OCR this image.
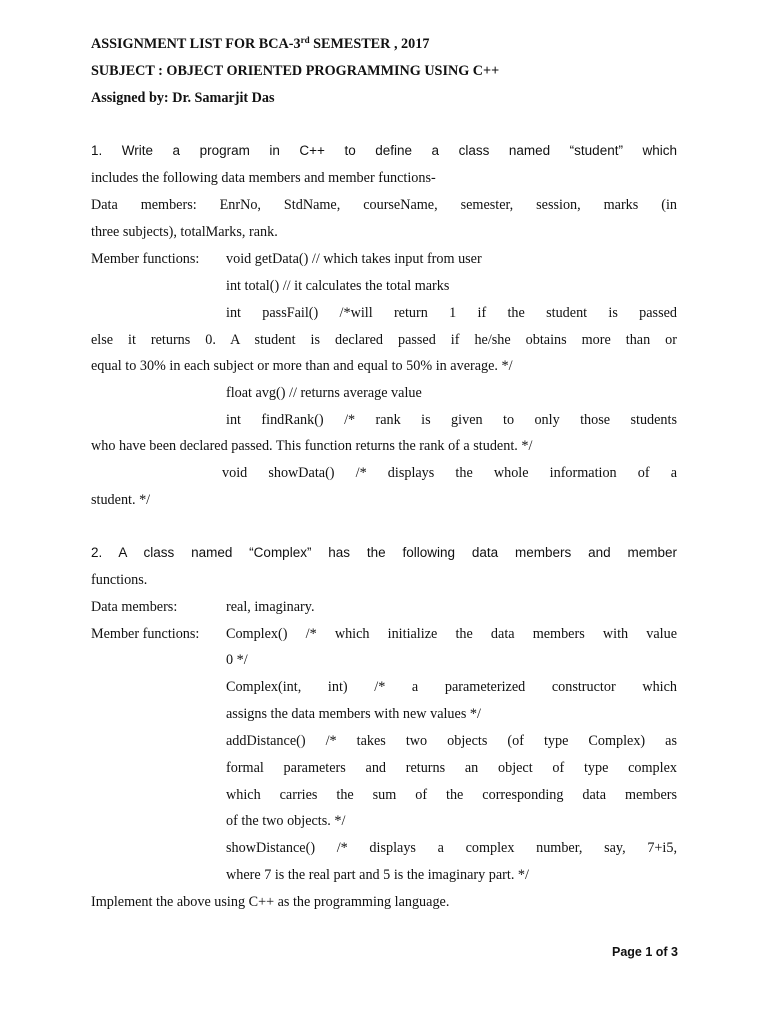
ASSIGNMENT LIST FOR BCA-3rd SEMESTER , 2017
SUBJECT : OBJECT ORIENTED PROGRAMMING USING C++
Assigned by: Dr. Samarjit Das
1. Write a program in C++ to define a class named “student” which
includes the following data members and member functions-
Data members: EnrNo, StdName, courseName, semester, session, marks (in
three subjects), totalMarks, rank.
Member functions: void getData() // which takes input from user
int total() // it calculates the total marks
int passFail() /*will return 1 if the student is passed
else it returns 0. A student is declared passed if he/she obtains more than or
equal to 30% in each subject or more than and equal to 50% in average. */
float avg() // returns average value
int findRank() /* rank is given to only those students
who have been declared passed. This function returns the rank of a student. */
void showData() /* displays the whole information of a
student. */
2. A class named “Complex” has the following data members and member
functions.
Data members:	real, imaginary.
Member functions: Complex() /* which initialize the data members with value
0 */
Complex(int, int) /* a parameterized constructor which
assigns the data members with new values */
addDistance() /* takes two objects (of type Complex) as
formal parameters and returns an object of type complex
which carries the sum of the corresponding data members
of the two objects. */
showDistance() /* displays a complex number, say, 7+i5,
where 7 is the real part and 5 is the imaginary part. */
Implement the above using C++ as the programming language.
Page 1 of 3
